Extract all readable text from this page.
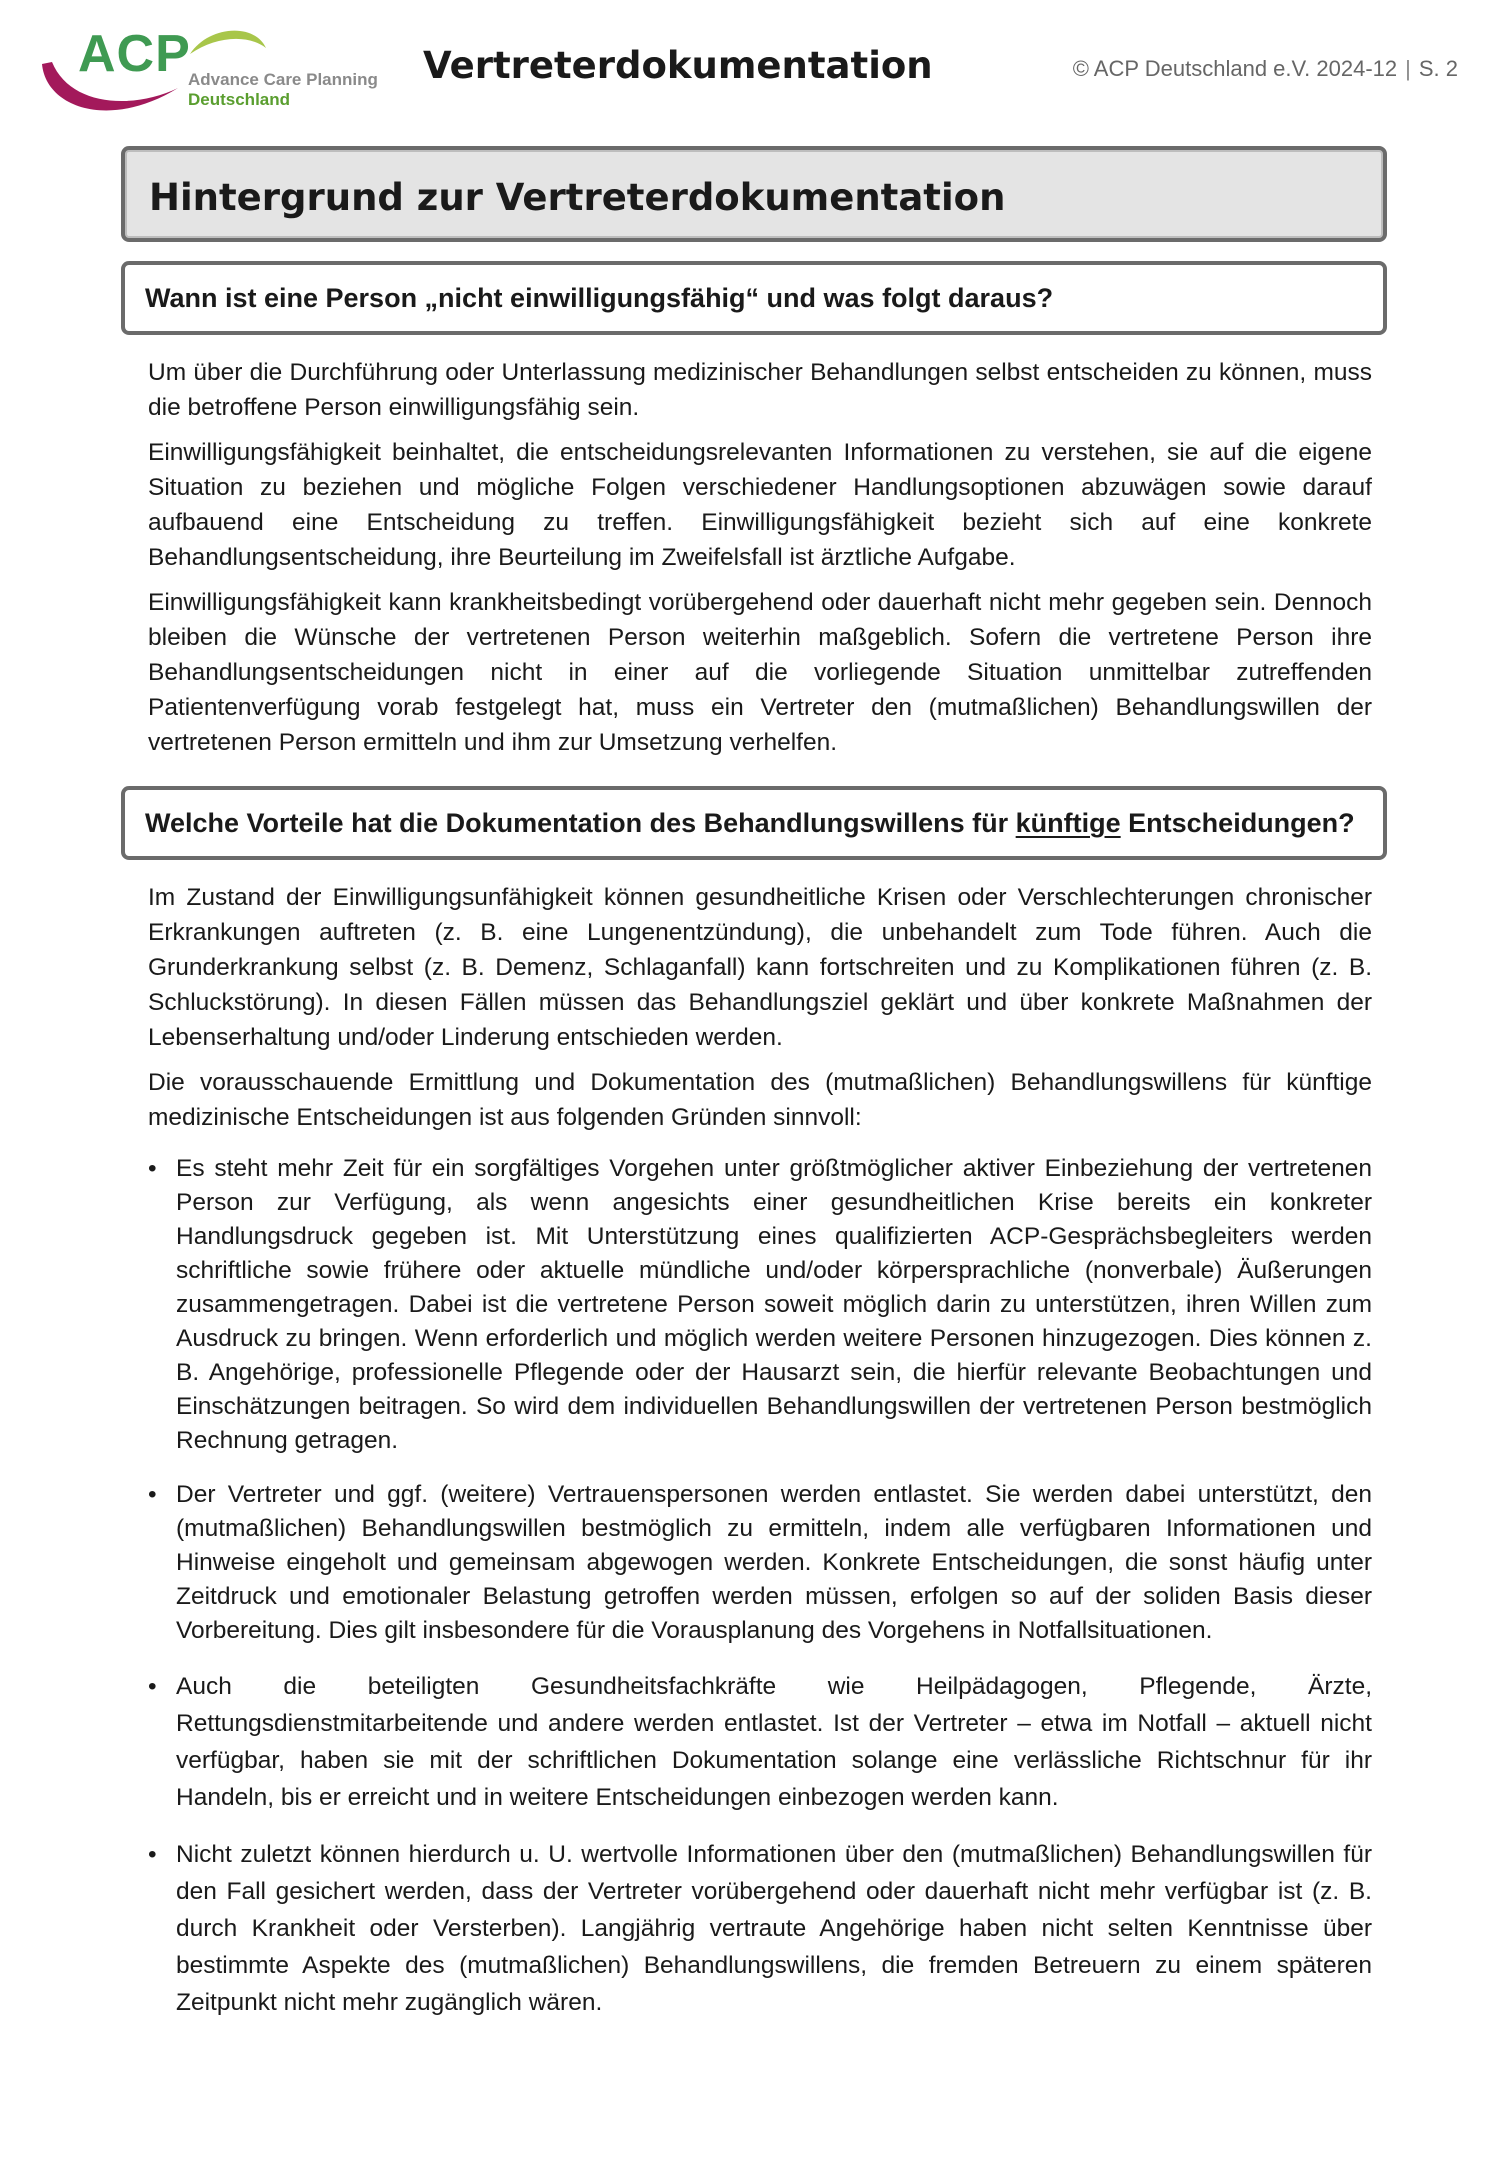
ACP
Advance Care Planning
Deutschland
Vertreterdokumentation	© ACP Deutschland e.V. 2024-12 | S. 2
Hintergrund zur Vertreterdokumentation
Wann ist eine Person „nicht einwilligungsfähig“ und was folgt daraus?

Um über die Durchführung oder Unterlassung medizinischer Behandlungen selbst entscheiden zu können, muss die betroffene Person einwilligungsfähig sein.

Einwilligungsfähigkeit beinhaltet, die entscheidungsrelevanten Informationen zu verstehen, sie auf die eigene Situation zu beziehen und mögliche Folgen verschiedener Handlungsoptionen abzuwägen sowie darauf aufbauend eine Entscheidung zu treffen. Einwilligungsfähigkeit bezieht sich auf eine konkrete Behandlungsentscheidung, ihre Beurteilung im Zweifelsfall ist ärztliche Aufgabe.

Einwilligungsfähigkeit kann krankheitsbedingt vorübergehend oder dauerhaft nicht mehr gegeben sein. Dennoch bleiben die Wünsche der vertretenen Person weiterhin maßgeblich. Sofern die vertretene Person ihre Behandlungsentscheidungen nicht in einer auf die vorliegende Situation unmittelbar zutreffenden Patientenverfügung vorab festgelegt hat, muss ein Vertreter den (mutmaßlichen) Behandlungswillen der vertretenen Person ermitteln und ihm zur Umsetzung verhelfen.

Welche Vorteile hat die Dokumentation des Behandlungswillens für künftige Entscheidungen?

Im Zustand der Einwilligungsunfähigkeit können gesundheitliche Krisen oder Verschlechterungen chronischer Erkrankungen auftreten (z. B. eine Lungenentzündung), die unbehandelt zum Tode führen. Auch die Grunderkrankung selbst (z. B. Demenz, Schlaganfall) kann fortschreiten und zu Komplikationen führen (z. B. Schluckstörung). In diesen Fällen müssen das Behandlungsziel geklärt und über konkrete Maßnahmen der Lebenserhaltung und/oder Linderung entschieden werden.

Die vorausschauende Ermittlung und Dokumentation des (mutmaßlichen) Behandlungswillens für künftige medizinische Entscheidungen ist aus folgenden Gründen sinnvoll:

• Es steht mehr Zeit für ein sorgfältiges Vorgehen unter größtmöglicher aktiver Einbeziehung der vertretenen Person zur Verfügung, als wenn angesichts einer gesundheitlichen Krise bereits ein konkreter Handlungsdruck gegeben ist. Mit Unterstützung eines qualifizierten ACP-Gesprächsbegleiters werden schriftliche sowie frühere oder aktuelle mündliche und/oder körpersprachliche (nonverbale) Äußerungen zusammengetragen. Dabei ist die vertretene Person soweit möglich darin zu unterstützen, ihren Willen zum Ausdruck zu bringen. Wenn erforderlich und möglich werden weitere Personen hinzugezogen. Dies können z. B. Angehörige, professionelle Pflegende oder der Hausarzt sein, die hierfür relevante Beobachtungen und Einschätzungen beitragen. So wird dem individuellen Behandlungswillen der vertretenen Person bestmöglich Rechnung getragen.
• Der Vertreter und ggf. (weitere) Vertrauenspersonen werden entlastet. Sie werden dabei unterstützt, den (mutmaßlichen) Behandlungswillen bestmöglich zu ermitteln, indem alle verfügbaren Informationen und Hinweise eingeholt und gemeinsam abgewogen werden. Konkrete Entscheidungen, die sonst häufig unter Zeitdruck und emotionaler Belastung getroffen werden müssen, erfolgen so auf der soliden Basis dieser Vorbereitung. Dies gilt insbesondere für die Vorausplanung des Vorgehens in Notfallsituationen.
• Auch die beteiligten Gesundheitsfachkräfte wie Heilpädagogen, Pflegende, Ärzte, Rettungsdienstmitarbeitende und andere werden entlastet. Ist der Vertreter – etwa im Notfall – aktuell nicht verfügbar, haben sie mit der schriftlichen Dokumentation solange eine verlässliche Richtschnur für ihr Handeln, bis er erreicht und in weitere Entscheidungen einbezogen werden kann.
• Nicht zuletzt können hierdurch u. U. wertvolle Informationen über den (mutmaßlichen) Behandlungswillen für den Fall gesichert werden, dass der Vertreter vorübergehend oder dauerhaft nicht mehr verfügbar ist (z. B. durch Krankheit oder Versterben). Langjährig vertraute Angehörige haben nicht selten Kenntnisse über bestimmte Aspekte des (mutmaßlichen) Behandlungswillens, die fremden Betreuern zu einem späteren Zeitpunkt nicht mehr zugänglich wären.
